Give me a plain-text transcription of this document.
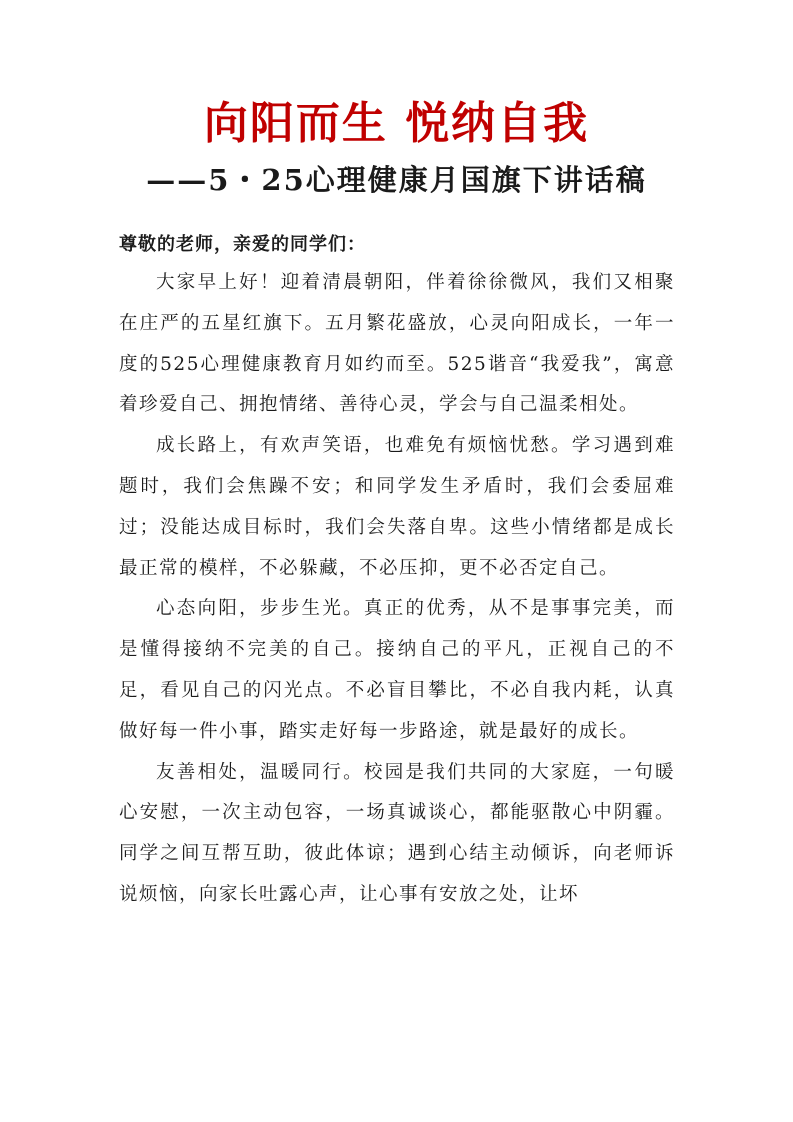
向阳而生 悦纳自我
——5・25心理健康月国旗下讲话稿

尊敬的老师，亲爱的同学们：

大家早上好！迎着清晨朝阳，伴着徐徐微风，我们又相聚在庄严的五星红旗下。五月繁花盛放，心灵向阳成长，一年一度的525心理健康教育月如约而至。525谐音“我爱我”，寓意着珍爱自己、拥抱情绪、善待心灵，学会与自己温柔相处。

成长路上，有欢声笑语，也难免有烦恼忧愁。学习遇到难题时，我们会焦躁不安；和同学发生矛盾时，我们会委屈难过；没能达成目标时，我们会失落自卑。这些小情绪都是成长最正常的模样，不必躲藏，不必压抑，更不必否定自己。

心态向阳，步步生光。真正的优秀，从不是事事完美，而是懂得接纳不完美的自己。接纳自己的平凡，正视自己的不足，看见自己的闪光点。不必盲目攀比，不必自我内耗，认真做好每一件小事，踏实走好每一步路途，就是最好的成长。

友善相处，温暖同行。校园是我们共同的大家庭，一句暖心安慰，一次主动包容，一场真诚谈心，都能驱散心中阴霾。同学之间互帮互助，彼此体谅；遇到心结主动倾诉，向老师诉说烦恼，向家长吐露心声，让心事有安放之处，让坏
